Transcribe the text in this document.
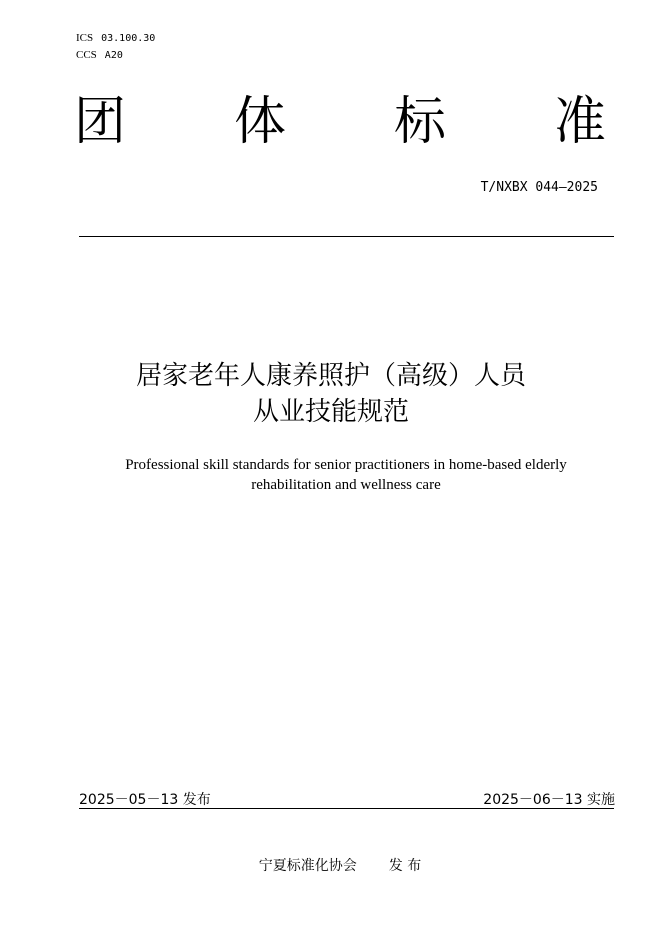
ICS 03.100.30
CCS A20
团 体 标 准
T/NXBX 044—2025
居家老年人康养照护（高级）人员
从业技能规范
Professional skill standards for senior practitioners in home-based elderly
rehabilitation and wellness care
2025－05－13 发布	2025－06－13 实施
宁夏标准化协会 发 布
